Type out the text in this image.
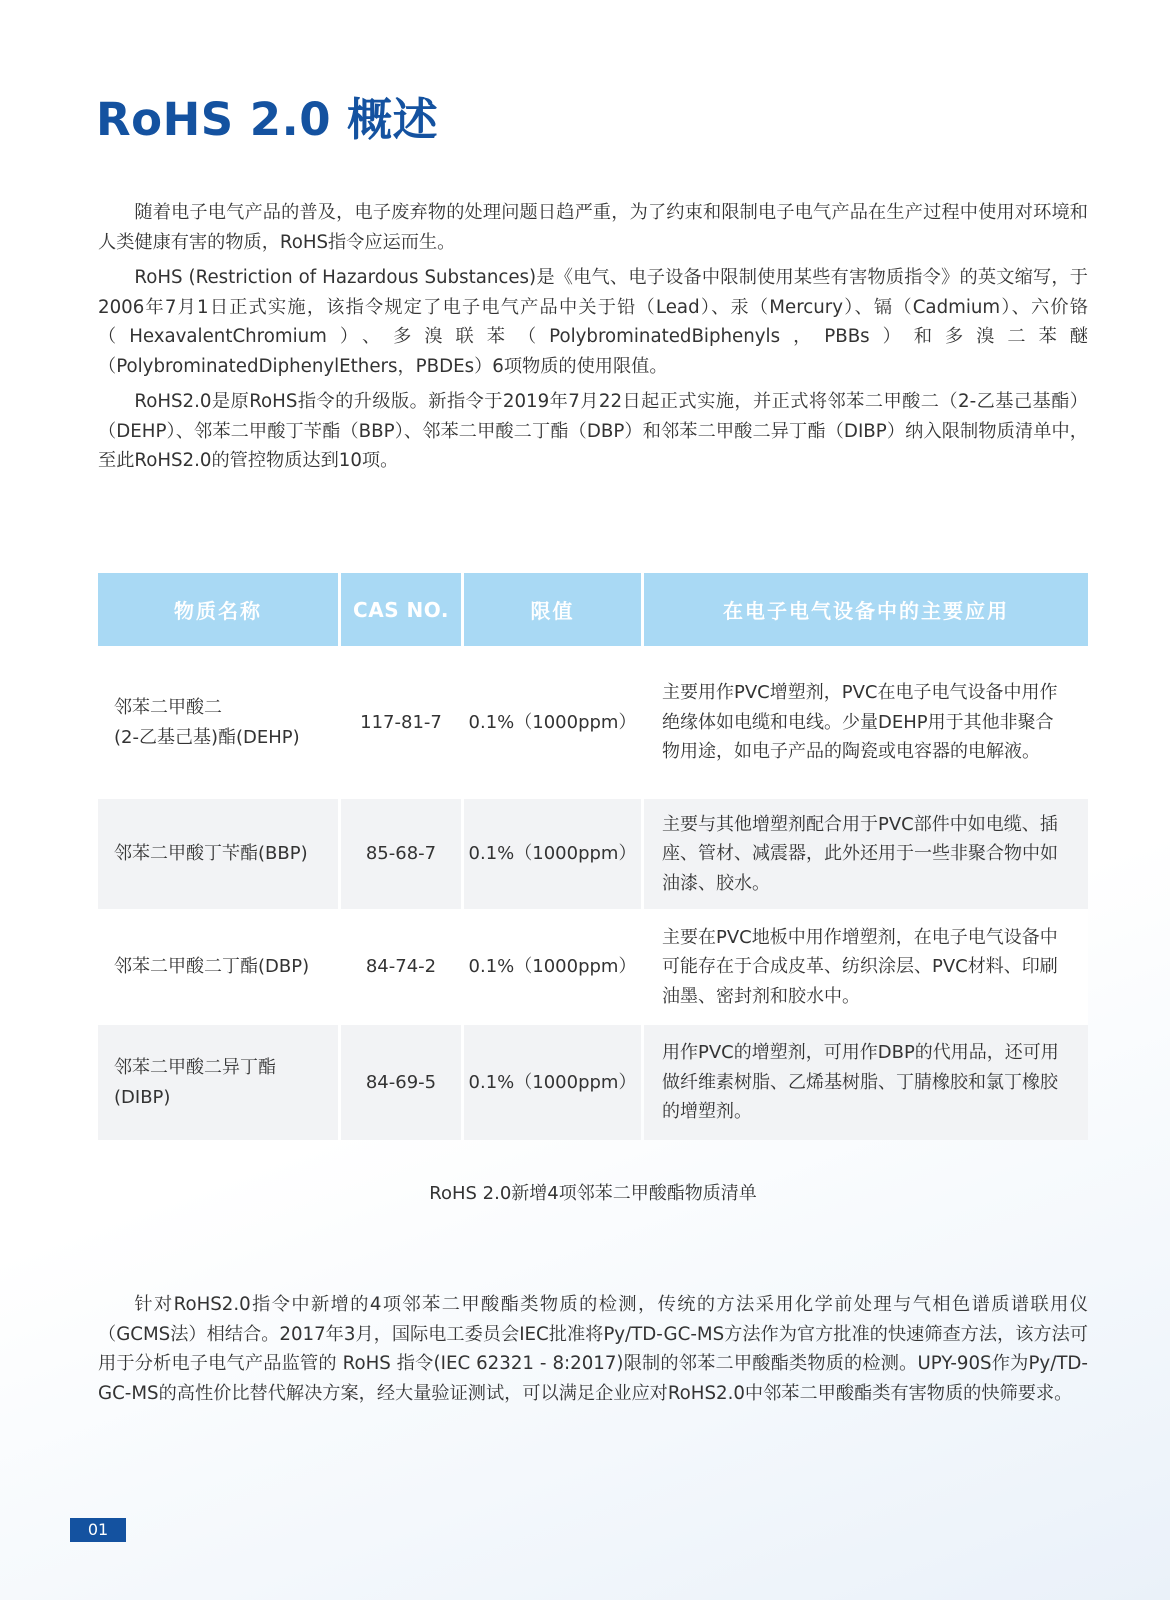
RoHS 2.0 概述

随着电子电气产品的普及，电子废弃物的处理问题日趋严重，为了约束和限制电子电气产品在生产过程中使用对环境和人类健康有害的物质，RoHS指令应运而生。

RoHS (Restriction of Hazardous Substances)是《电气、电子设备中限制使用某些有害物质指令》的英文缩写，于2006年7月1日正式实施，该指令规定了电子电气产品中关于铅（Lead）、汞（Mercury）、镉（Cadmium）、六价铬（HexavalentChromium）、多溴联苯（PolybrominatedBiphenyls，PBBs）和多溴二苯醚（PolybrominatedDiphenylEthers，PBDEs）6项物质的使用限值。

RoHS2.0是原RoHS指令的升级版。新指令于2019年7月22日起正式实施，并正式将邻苯二甲酸二（2-乙基己基酯）（DEHP）、邻苯二甲酸丁苄酯（BBP）、邻苯二甲酸二丁酯（DBP）和邻苯二甲酸二异丁酯（DIBP）纳入限制物质清单中，至此RoHS2.0的管控物质达到10项。

物质名称	CAS NO.	限值	在电子电气设备中的主要应用
邻苯二甲酸二
(2-乙基己基)酯(DEHP)	117-81-7	0.1%（1000ppm）	主要用作PVC增塑剂，PVC在电子电气设备中用作绝缘体如电缆和电线。少量DEHP用于其他非聚合物用途，如电子产品的陶瓷或电容器的电解液。
邻苯二甲酸丁苄酯(BBP)	85-68-7	0.1%（1000ppm）	主要与其他增塑剂配合用于PVC部件中如电缆、插座、管材、减震器，此外还用于一些非聚合物中如油漆、胶水。
邻苯二甲酸二丁酯(DBP)	84-74-2	0.1%（1000ppm）	主要在PVC地板中用作增塑剂，在电子电气设备中可能存在于合成皮革、纺织涂层、PVC材料、印刷油墨、密封剂和胶水中。
邻苯二甲酸二异丁酯
(DIBP)	84-69-5	0.1%（1000ppm）	用作PVC的增塑剂，可用作DBP的代用品，还可用做纤维素树脂、乙烯基树脂、丁腈橡胶和氯丁橡胶的增塑剂。
RoHS 2.0新增4项邻苯二甲酸酯物质清单

针对RoHS2.0指令中新增的4项邻苯二甲酸酯类物质的检测，传统的方法采用化学前处理与气相色谱质谱联用仪（GCMS法）相结合。2017年3月，国际电工委员会IEC批准将Py/TD-GC-MS方法作为官方批准的快速筛查方法，该方法可用于分析电子电气产品监管的 RoHS 指令(IEC 62321 - 8:2017)限制的邻苯二甲酸酯类物质的检测。UPY-90S作为Py/TD-GC-MS的高性价比替代解决方案，经大量验证测试，可以满足企业应对RoHS2.0中邻苯二甲酸酯类有害物质的快筛要求。

01
